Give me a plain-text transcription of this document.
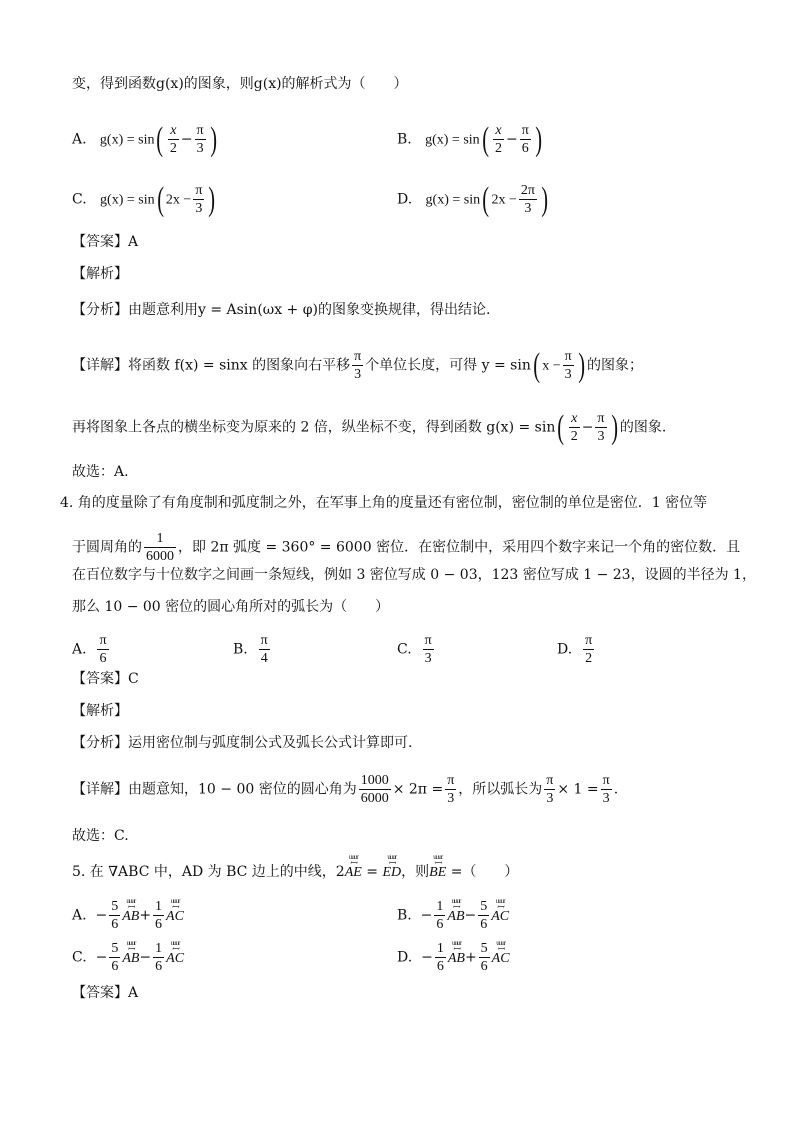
变，得到函数g(x)的图象，则g(x)的解析式为（　　）
A. $g(x) = \sin( \frac{x}{2} - \frac{\pi}{3}$ )	B. $g(x) = \sin( \frac{x}{2} - \frac{\pi}{6}$ )
C. g(x) = sin( $2x - \frac{\pi}{3}$ )	D. g(x) = sin( $2x - \frac{2\pi}{3}$ )
【答案】A
【解析】
【分析】由题意利用y = Asin(ωx + φ)的图象变换规律，得出结论.
【详解】将函数 f(x) = sinx 的图象向右平移 $\frac{\pi}{3}$ 个单位长度，可得 y = sin( $x - \frac{\pi}{3}$ ) 的图象；
再将图象上各点的横坐标变为原来的 2 倍，纵坐标不变，得到函数 $g(x) = \sin( \frac{x}{2} - \frac{\pi}{3}$ ) 的图象.
故选：A.
4. 角的度量除了有角度制和弧度制之外，在军事上角的度量还有密位制，密位制的单位是密位．1 密位等
于圆周角的 $\frac{1}{6000}$ ，即 2π 弧度 = 360° = 6000 密位．在密位制中，采用四个数字来记一个角的密位数．且
在百位数字与十位数字之间画一条短线，例如 3 密位写成 0 − 03，123 密位写成 1 − 23，设圆的半径为 1，
那么 10 − 00 密位的圆心角所对的弧长为（　　）
A. $\frac{\pi}{6}$	B. $\frac{\pi}{4}$	C. $\frac{\pi}{3}$	D. $\frac{\pi}{2}$
【答案】C
【解析】
【分析】运用密位制与弧度制公式及弧长公式计算即可.
【详解】由题意知，10 − 00 密位的圆心角为 $\frac{1000}{6000} \times 2\pi = \frac{\pi}{3}$ ，所以弧长为 $\frac{\pi}{3} \times 1 = \frac{\pi}{3}$ .
故选：C.
5. 在 ∇ABC 中，AD 为 BC 边上的中线，2
ꟷ uuur
AE =
ꟷ uuur
ED，则
ꟷ uuur
BE =（　　）
A. − $\frac{5}{6}$ ꟷ uuur
$AB+ \frac{1}{6}$ ꟷ uuur
AC	B. − $\frac{1}{6}$ ꟷ uuur
$AB- \frac{5}{6}$ ꟷ uuur
AC
C. − $\frac{5}{6}$ ꟷ uuur
$AB- \frac{1}{6}$ ꟷ uuur
AC	D. − $\frac{1}{6}$ ꟷ uuur
$AB+ \frac{5}{6}$ ꟷ uuur
AC
【答案】A
